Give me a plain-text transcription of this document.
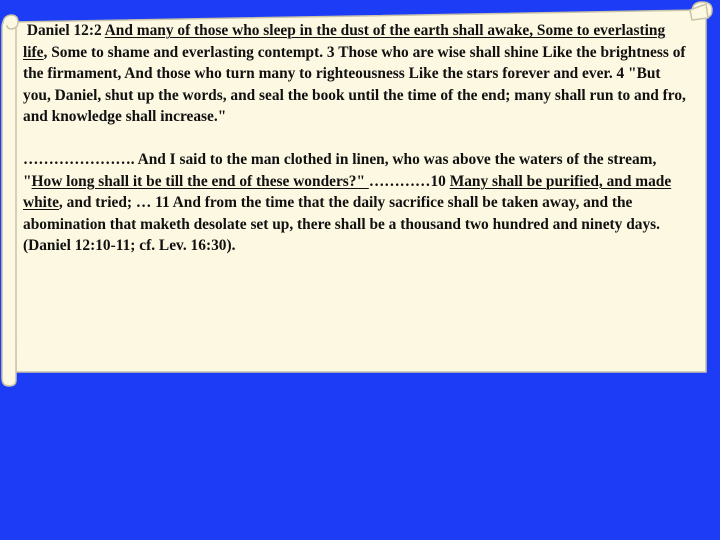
Daniel 12:2 And many of those who sleep in the dust of the earth shall awake, Some to everlasting life, Some to shame and everlasting contempt. 3 Those who are wise shall shine Like the brightness of the firmament, And those who turn many to righteousness Like the stars forever and ever. 4 "But you, Daniel, shut up the words, and seal the book until the time of the end; many shall run to and fro, and knowledge shall increase."

…………………. And I said to the man clothed in linen, who was above the waters of the stream, "How long shall it be till the end of these wonders?" …………10 Many shall be purified, and made white, and tried; … 11 And from the time that the daily sacrifice shall be taken away, and the abomination that maketh desolate set up, there shall be a thousand two hundred and ninety days. (Daniel 12:10-11; cf. Lev. 16:30).
